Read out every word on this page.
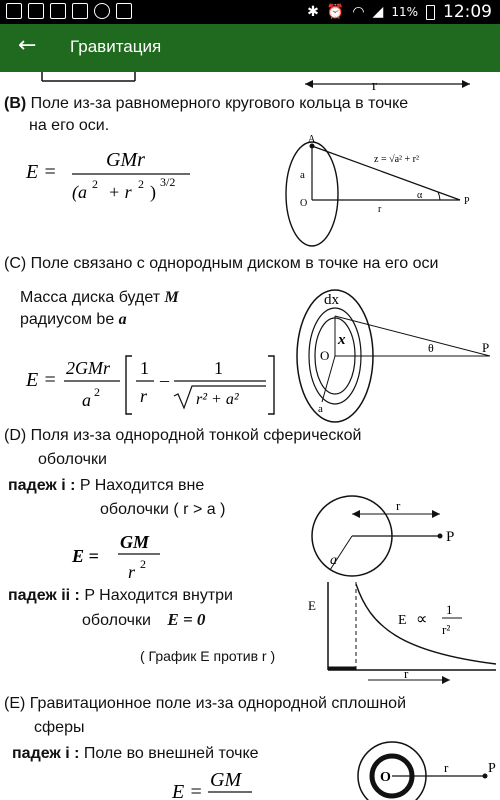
✱ ⏰ ◠ ◢ 11% 12:09
← Гравитация
r
(B) Поле из-за равномерного кругового кольца в точке
на его оси.
E =
GMr
(a 2 + r 2 ) 3/2
A
a
O
z = √a² + r²
α
r
P
(C) Поле связано с однородным диском в точке на его оси
Масса диска будет M
радиусом be a
E =
2GMr
a 2
1
r
–
1
r² + a²
dx
O
x
a
θ	P
(D) Поля из-за однородной тонкой сферической
оболочки
падеж i : P Находится вне
оболочки ( r > a )
E =
GM
r 2
падеж ii : P Находится внутри
оболочки E = 0
( График E против r )
r
a
P
E
E ∝
1
r²
r
(E) Гравитационное поле из-за однородной сплошной
сферы
падеж i : Поле во внешней точке
E =
GM	O
r	P
